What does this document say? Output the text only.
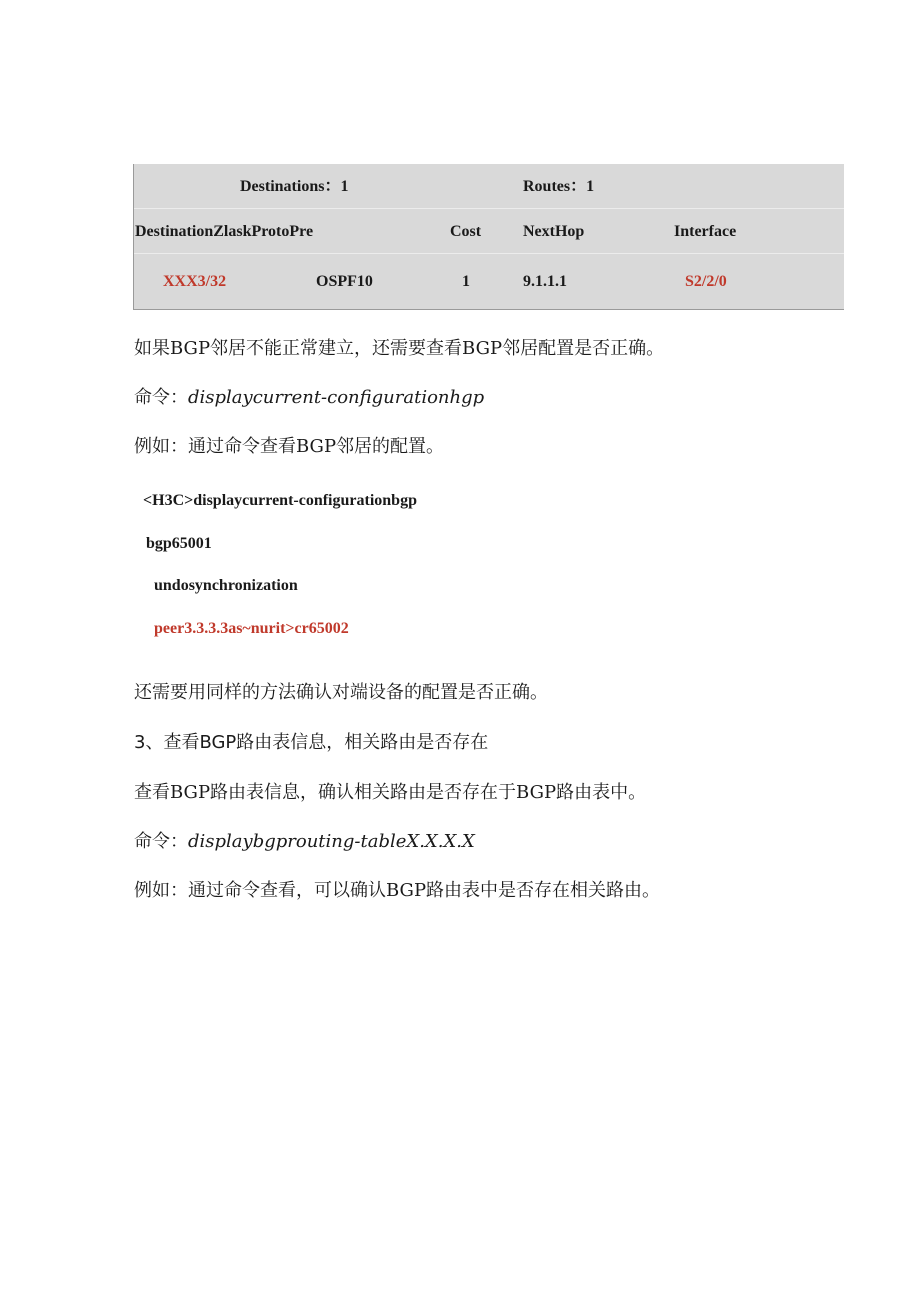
Destinations：1	Routes：1
DestinationZlaskProtoPre	Cost	NextHop	Interface
XXX3/32	OSPF10	1	9.1.1.1	S2/2/0
如果BGP邻居不能正常建立，还需要查看BGP邻居配置是否正确。
命令：displaycurrent-configurationhgp
例如：通过命令查看BGP邻居的配置。
<H3C>displaycurrent-configurationbgp
bgp65001
undosynchronization
peer3.3.3.3as~nurit>cr65002
还需要用同样的方法确认对端设备的配置是否正确。
3、查看BGP路由表信息，相关路由是否存在
查看BGP路由表信息，确认相关路由是否存在于BGP路由表中。
命令：displaybgprouting-tableX.X.X.X
例如：通过命令查看，可以确认BGP路由表中是否存在相关路由。
